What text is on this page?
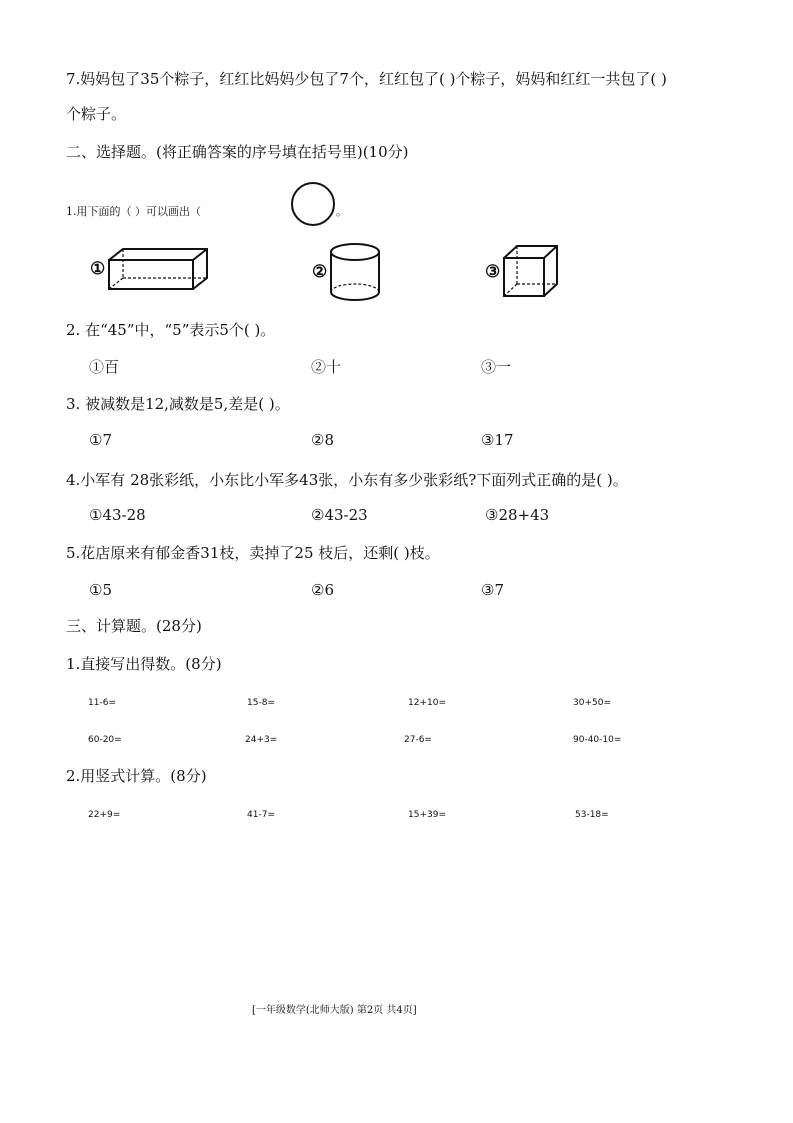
7.妈妈包了35个粽子，红红比妈妈少包了7个，红红包了( )个粽子，妈妈和红红一共包了( )
个粽子。
二、选择题。(将正确答案的序号填在括号里)(10分)
1.用下面的（ ）可以画出（	。
①	②	③
2. 在“45”中，“5”表示5个( )。
①百	②十	③一
3. 被减数是12,减数是5,差是( )。
①7	②8	③17
4.小军有 28张彩纸，小东比小军多43张，小东有多少张彩纸?下面列式正确的是( )。
①43-28	②43-23	③28+43
5.花店原来有郁金香31枝，卖掉了25 枝后，还剩( )枝。
①5	②6	③7
三、计算题。(28分)
1.直接写出得数。(8分)
11-6=	15-8=	12+10=	30+50=
60-20=	24+3=	27-6=	90-40-10=
2.用竖式计算。(8分)
22+9=	41-7=	15+39=	53-18=
[一年级数学(北师大版) 第2页 共4页]
